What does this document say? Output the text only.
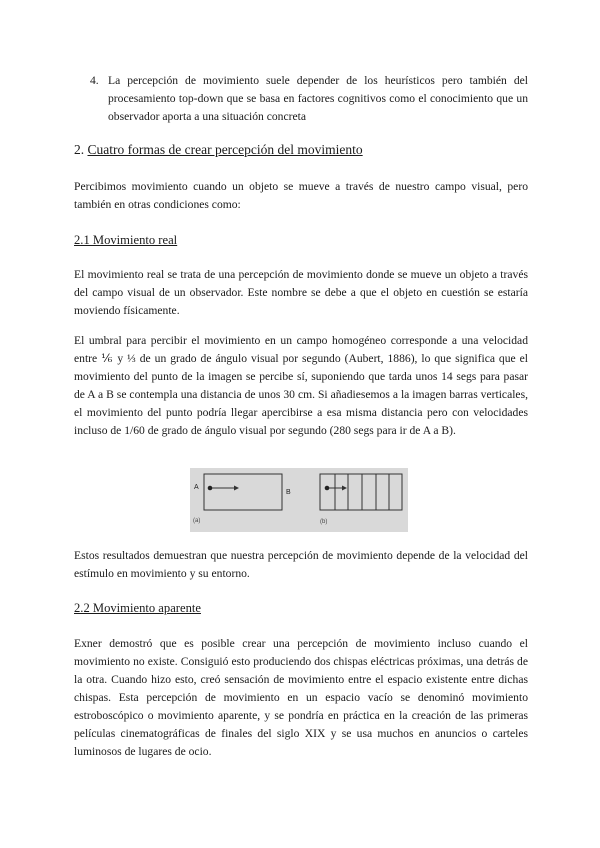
4. La percepción de movimiento suele depender de los heurísticos pero también del procesamiento top-down que se basa en factores cognitivos como el conocimiento que un observador aporta a una situación concreta
2. Cuatro formas de crear percepción del movimiento
Percibimos movimiento cuando un objeto se mueve a través de nuestro campo visual, pero también en otras condiciones como:
2.1 Movimiento real
El movimiento real se trata de una percepción de movimiento donde se mueve un objeto a través del campo visual de un observador. Este nombre se debe a que el objeto en cuestión se estaría moviendo físicamente.
El umbral para percibir el movimiento en un campo homogéneo corresponde a una velocidad entre ⅙ y ⅓ de un grado de ángulo visual por segundo (Aubert, 1886), lo que significa que el movimiento del punto de la imagen se percibe sí, suponiendo que tarda unos 14 segs para pasar de A a B se contempla una distancia de unos 30 cm. Si añadiesemos a la imagen barras verticales, el movimiento del punto podría llegar apercibirse a esa misma distancia pero con velocidades incluso de 1/60 de grado de ángulo visual por segundo (280 segs para ir de A a B).
A
B
(a)	(b)
Estos resultados demuestran que nuestra percepción de movimiento depende de la velocidad del estímulo en movimiento y su entorno.
2.2 Movimiento aparente
Exner demostró que es posible crear una percepción de movimiento incluso cuando el movimiento no existe. Consiguió esto produciendo dos chispas eléctricas próximas, una detrás de la otra. Cuando hizo esto, creó sensación de movimiento entre el espacio existente entre dichas chispas. Esta percepción de movimiento en un espacio vacío se denominó movimiento estroboscópico o movimiento aparente, y se pondría en práctica en la creación de las primeras películas cinematográficas de finales del siglo XIX y se usa muchos en anuncios o carteles luminosos de lugares de ocio.
